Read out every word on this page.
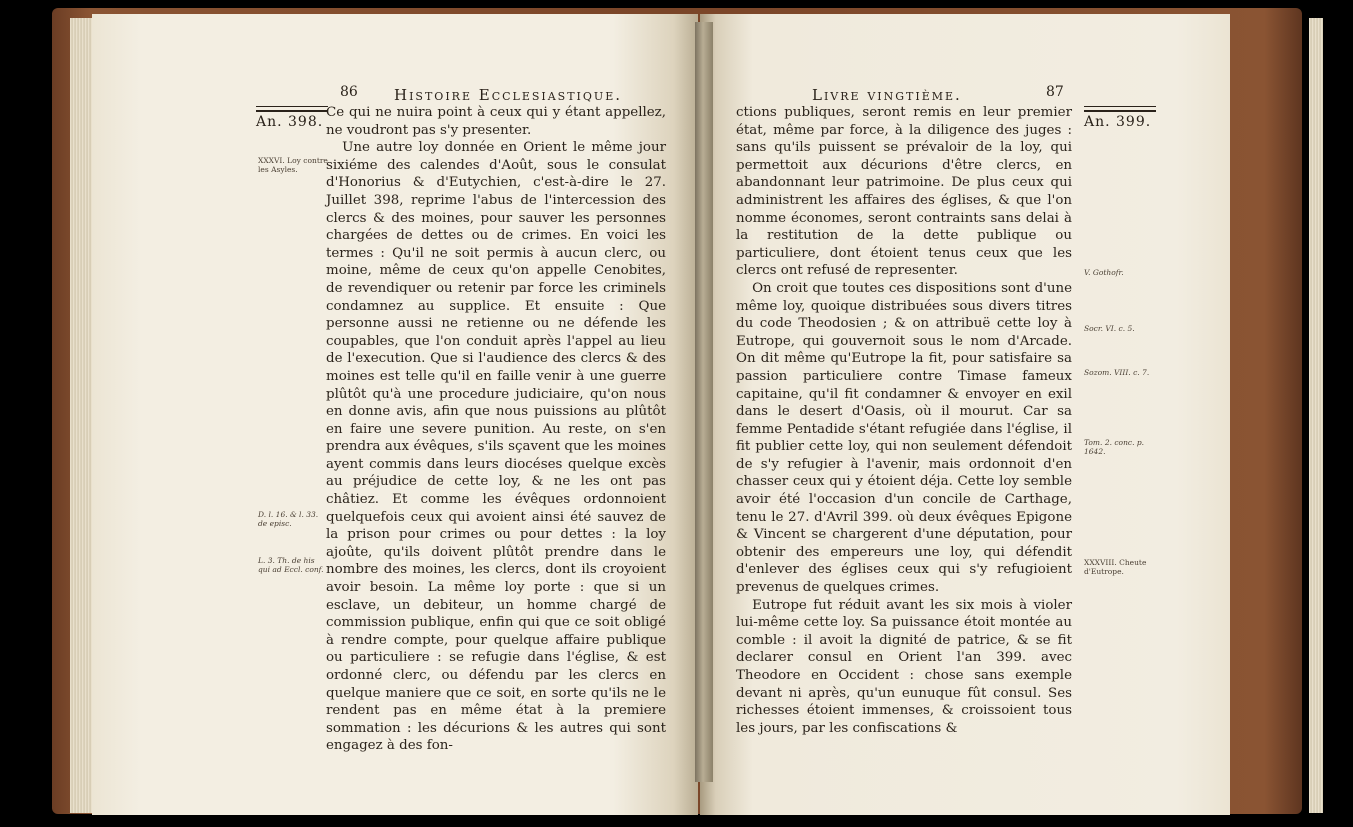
An. 398.
86 Histoire Ecclesiastique.
XXXVI. Loy contre les Asyles.
D. l. 16. & l. 33. de episc.
L. 3. Th. de his qui ad Eccl. conf.

Ce qui ne nuira point à ceux qui y étant appellez, ne voudront pas s'y presenter.

Une autre loy donnée en Orient le même jour sixiéme des calendes d'Août, sous le consulat d'Honorius & d'Eutychien, c'est-à-dire le 27. Juillet 398, reprime l'abus de l'intercession des clercs & des moines, pour sauver les personnes chargées de dettes ou de crimes. En voici les termes : Qu'il ne soit permis à aucun clerc, ou moine, même de ceux qu'on appelle Cenobites, de revendiquer ou retenir par force les criminels condamnez au supplice. Et ensuite : Que personne aussi ne retienne ou ne défende les coupables, que l'on conduit après l'appel au lieu de l'execution. Que si l'audience des clercs & des moines est telle qu'il en faille venir à une guerre plûtôt qu'à une procedure judiciaire, qu'on nous en donne avis, afin que nous puissions au plûtôt en faire une severe punition. Au reste, on s'en prendra aux évêques, s'ils sçavent que les moines ayent commis dans leurs diocéses quelque excès au préjudice de cette loy, & ne les ont pas châtiez. Et comme les évêques ordonnoient quelquefois ceux qui avoient ainsi été sauvez de la prison pour crimes ou pour dettes : la loy ajoûte, qu'ils doivent plûtôt prendre dans le nombre des moines, les clercs, dont ils croyoient avoir besoin. La même loy porte : que si un esclave, un debiteur, un homme chargé de commission publique, enfin qui que ce soit obligé à rendre compte, pour quelque affaire publique ou particuliere : se refugie dans l'église, & est ordonné clerc, ou défendu par les clercs en quelque maniere que ce soit, en sorte qu'ils ne le rendent pas en même état à la premiere sommation : les décurions & les autres qui sont engagez à des fon-

87
Livre vingtième.
An. 399.
V. Gothofr.
Socr. VI. c. 5.
Sozom. VIII. c. 7.
Tom. 2. conc. p. 1642.
XXXVIII. Cheute d'Eutrope.

ctions publiques, seront remis en leur premier état, même par force, à la diligence des juges : sans qu'ils puissent se prévaloir de la loy, qui permettoit aux décurions d'être clercs, en abandonnant leur patrimoine. De plus ceux qui administrent les affaires des églises, & que l'on nomme économes, seront contraints sans delai à la restitution de la dette publique ou particuliere, dont étoient tenus ceux que les clercs ont refusé de representer.

On croit que toutes ces dispositions sont d'une même loy, quoique distribuées sous divers titres du code Theodosien ; & on attribuë cette loy à Eutrope, qui gouvernoit sous le nom d'Arcade. On dit même qu'Eutrope la fit, pour satisfaire sa passion particuliere contre Timase fameux capitaine, qu'il fit condamner & envoyer en exil dans le desert d'Oasis, où il mourut. Car sa femme Pentadide s'étant refugiée dans l'église, il fit publier cette loy, qui non seulement défendoit de s'y refugier à l'avenir, mais ordonnoit d'en chasser ceux qui y étoient déja. Cette loy semble avoir été l'occasion d'un concile de Carthage, tenu le 27. d'Avril 399. où deux évêques Epigone & Vincent se chargerent d'une députation, pour obtenir des empereurs une loy, qui défendit d'enlever des églises ceux qui s'y refugioient prevenus de quelques crimes.

Eutrope fut réduit avant les six mois à violer lui-même cette loy. Sa puissance étoit montée au comble : il avoit la dignité de patrice, & se fit declarer consul en Orient l'an 399. avec Theodore en Occident : chose sans exemple devant ni après, qu'un eunuque fût consul. Ses richesses étoient immenses, & croissoient tous les jours, par les confiscations &
